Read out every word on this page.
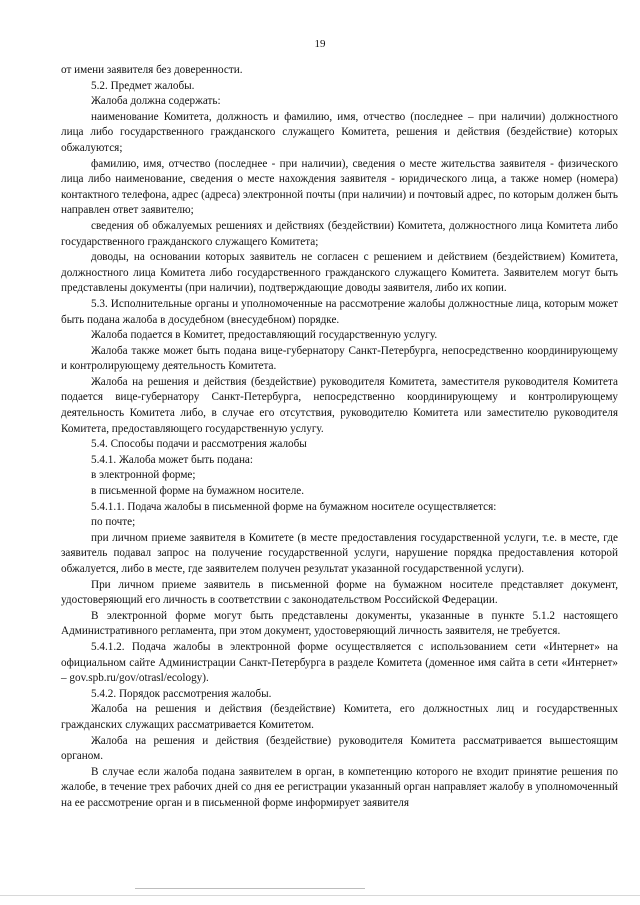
19

от имени заявителя без доверенности.

5.2. Предмет жалобы.

Жалоба должна содержать:

наименование Комитета, должность и фамилию, имя, отчество (последнее – при наличии) должностного лица либо государственного гражданского служащего Комитета, решения и действия (бездействие) которых обжалуются;

фамилию, имя, отчество (последнее - при наличии), сведения о месте жительства заявителя - физического лица либо наименование, сведения о месте нахождения заявителя - юридического лица, а также номер (номера) контактного телефона, адрес (адреса) электронной почты (при наличии) и почтовый адрес, по которым должен быть направлен ответ заявителю;

сведения об обжалуемых решениях и действиях (бездействии) Комитета, должностного лица Комитета либо государственного гражданского служащего Комитета;

доводы, на основании которых заявитель не согласен с решением и действием (бездействием) Комитета, должностного лица Комитета либо государственного гражданского служащего Комитета. Заявителем могут быть представлены документы (при наличии), подтверждающие доводы заявителя, либо их копии.

5.3. Исполнительные органы и уполномоченные на рассмотрение жалобы должностные лица, которым может быть подана жалоба в досудебном (внесудебном) порядке.

Жалоба подается в Комитет, предоставляющий государственную услугу.

Жалоба также может быть подана вице-губернатору Санкт-Петербурга, непосредственно координирующему и контролирующему деятельность Комитета.

Жалоба на решения и действия (бездействие) руководителя Комитета, заместителя руководителя Комитета подается вице-губернатору Санкт-Петербурга, непосредственно координирующему и контролирующему деятельность Комитета либо, в случае его отсутствия, руководителю Комитета или заместителю руководителя Комитета, предоставляющего государственную услугу.

5.4. Способы подачи и рассмотрения жалобы

5.4.1. Жалоба может быть подана:

в электронной форме;

в письменной форме на бумажном носителе.

5.4.1.1. Подача жалобы в письменной форме на бумажном носителе осуществляется:

по почте;

при личном приеме заявителя в Комитете (в месте предоставления государственной услуги, т.е. в месте, где заявитель подавал запрос на получение государственной услуги, нарушение порядка предоставления которой обжалуется, либо в месте, где заявителем получен результат указанной государственной услуги).

При личном приеме заявитель в письменной форме на бумажном носителе представляет документ, удостоверяющий его личность в соответствии с законодательством Российской Федерации.

В электронной форме могут быть представлены документы, указанные в пункте 5.1.2 настоящего Административного регламента, при этом документ, удостоверяющий личность заявителя, не требуется.

5.4.1.2. Подача жалобы в электронной форме осуществляется с использованием сети «Интернет» на официальном сайте Администрации Санкт-Петербурга в разделе Комитета (доменное имя сайта в сети «Интернет» – gov.spb.ru/gov/otrasl/ecology).

5.4.2. Порядок рассмотрения жалобы.

Жалоба на решения и действия (бездействие) Комитета, его должностных лиц и государственных гражданских служащих рассматривается Комитетом.

Жалоба на решения и действия (бездействие) руководителя Комитета рассматривается вышестоящим органом.

В случае если жалоба подана заявителем в орган, в компетенцию которого не входит принятие решения по жалобе, в течение трех рабочих дней со дня ее регистрации указанный орган направляет жалобу в уполномоченный на ее рассмотрение орган и в письменной форме информирует заявителя
